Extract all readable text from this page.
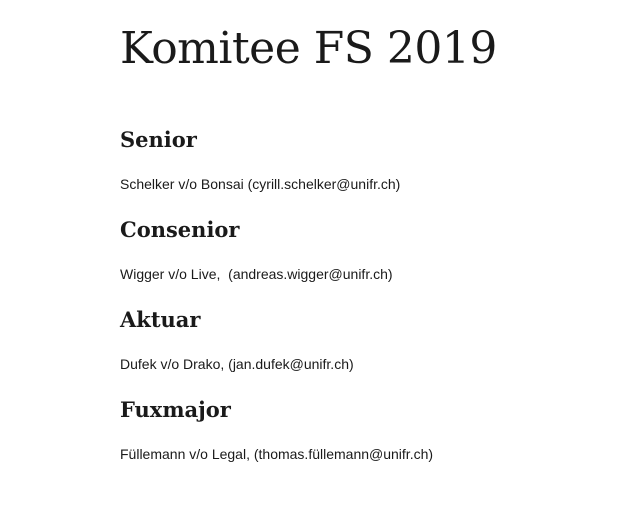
Komitee FS 2019
Senior

Schelker v/o Bonsai (cyrill.schelker@unifr.ch)

Consenior

Wigger v/o Live,  (andreas.wigger@unifr.ch)

Aktuar

Dufek v/o Drako, (jan.dufek@unifr.ch)

Fuxmajor

Füllemann v/o Legal, (thomas.füllemann@unifr.ch)
